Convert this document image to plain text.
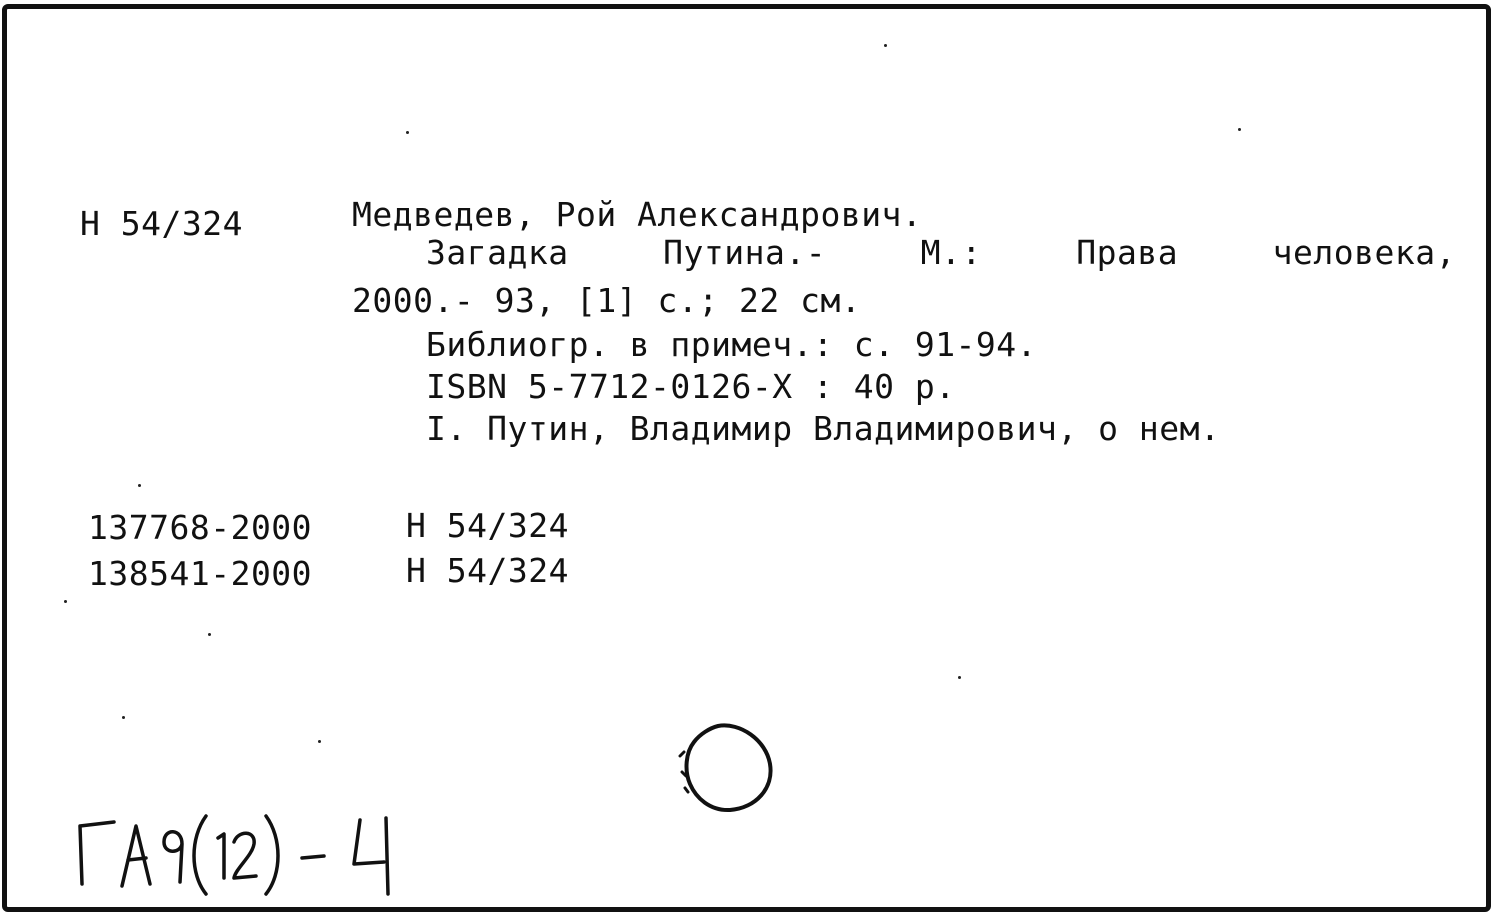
Н 54/324	Медведев, Рой Александрович.
Загадка	Путина.-	М.:	Права	человека,
2000.- 93, [1] с.; 22 см.
Библиогр. в примеч.: с. 91-94.
ISBN 5-7712-0126-X : 40 р.
I. Путин, Владимир Владимирович, о нем.
137768-2000	Н 54/324
138541-2000	Н 54/324
